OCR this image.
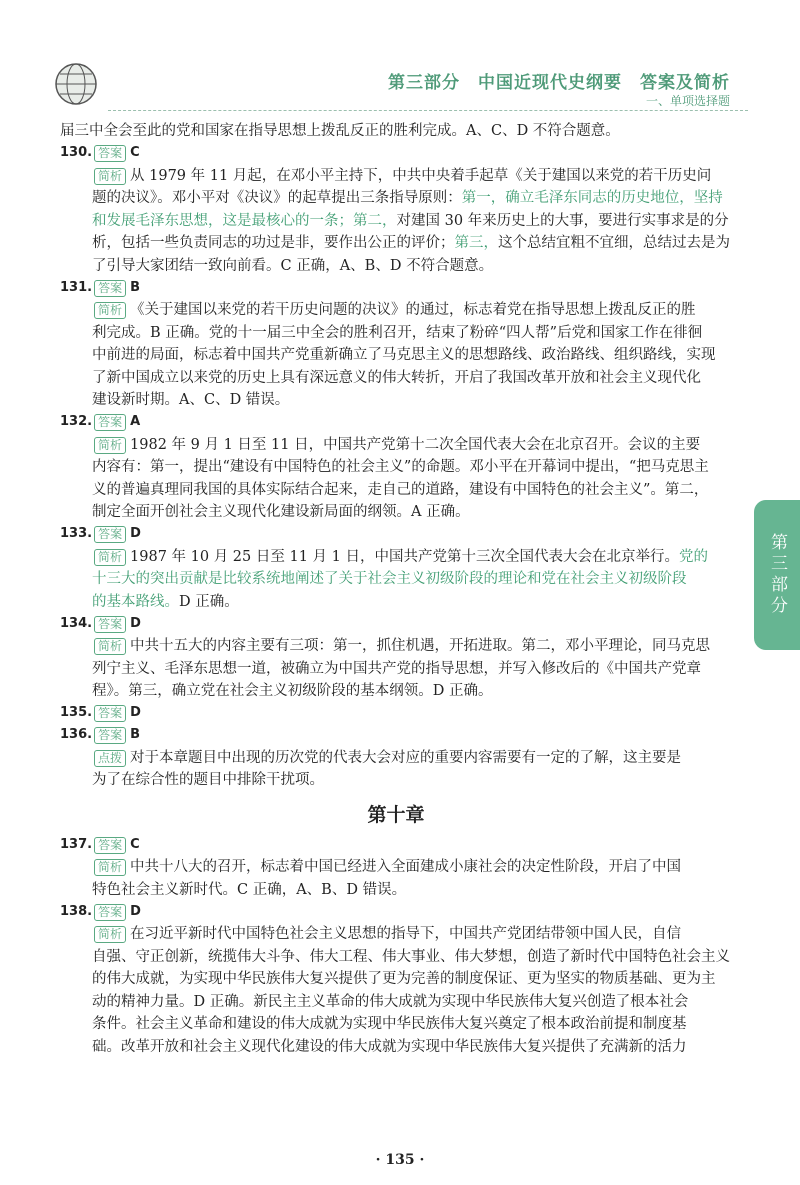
第三部分　中国近现代史纲要　答案及简析
一、单项选择题
第三部分

届三中全会至此的党和国家在指导思想上拨乱反正的胜利完成。A、C、D 不符合题意。

130. 答案 C

简析 从 1979 年 11 月起，在邓小平主持下，中共中央着手起草《关于建国以来党的若干历史问

题的决议》。邓小平对《决议》的起草提出三条指导原则：第一，确立毛泽东同志的历史地位，坚持

和发展毛泽东思想，这是最核心的一条；第二，对建国 30 年来历史上的大事，要进行实事求是的分

析，包括一些负责同志的功过是非，要作出公正的评价；第三，这个总结宜粗不宜细，总结过去是为

了引导大家团结一致向前看。C 正确，A、B、D 不符合题意。

131. 答案 B

简析 《关于建国以来党的若干历史问题的决议》的通过，标志着党在指导思想上拨乱反正的胜

利完成。B 正确。党的十一届三中全会的胜利召开，结束了粉碎“四人帮”后党和国家工作在徘徊

中前进的局面，标志着中国共产党重新确立了马克思主义的思想路线、政治路线、组织路线，实现

了新中国成立以来党的历史上具有深远意义的伟大转折，开启了我国改革开放和社会主义现代化

建设新时期。A、C、D 错误。

132. 答案 A

简析 1982 年 9 月 1 日至 11 日，中国共产党第十二次全国代表大会在北京召开。会议的主要

内容有：第一，提出“建设有中国特色的社会主义”的命题。邓小平在开幕词中提出，“把马克思主

义的普遍真理同我国的具体实际结合起来，走自己的道路，建设有中国特色的社会主义”。第二，

制定全面开创社会主义现代化建设新局面的纲领。A 正确。

133. 答案 D

简析 1987 年 10 月 25 日至 11 月 1 日，中国共产党第十三次全国代表大会在北京举行。党的

十三大的突出贡献是比较系统地阐述了关于社会主义初级阶段的理论和党在社会主义初级阶段

的基本路线。D 正确。

134. 答案 D

简析 中共十五大的内容主要有三项：第一，抓住机遇，开拓进取。第二，邓小平理论，同马克思

列宁主义、毛泽东思想一道，被确立为中国共产党的指导思想，并写入修改后的《中国共产党章

程》。第三，确立党在社会主义初级阶段的基本纲领。D 正确。

135. 答案 D
136. 答案 B

点拨 对于本章题目中出现的历次党的代表大会对应的重要内容需要有一定的了解，这主要是

为了在综合性的题目中排除干扰项。

第十章
137. 答案 C

简析 中共十八大的召开，标志着中国已经进入全面建成小康社会的决定性阶段，开启了中国

特色社会主义新时代。C 正确，A、B、D 错误。

138. 答案 D

简析 在习近平新时代中国特色社会主义思想的指导下，中国共产党团结带领中国人民，自信

自强、守正创新，统揽伟大斗争、伟大工程、伟大事业、伟大梦想，创造了新时代中国特色社会主义

的伟大成就，为实现中华民族伟大复兴提供了更为完善的制度保证、更为坚实的物质基础、更为主

动的精神力量。D 正确。新民主主义革命的伟大成就为实现中华民族伟大复兴创造了根本社会

条件。社会主义革命和建设的伟大成就为实现中华民族伟大复兴奠定了根本政治前提和制度基

础。改革开放和社会主义现代化建设的伟大成就为实现中华民族伟大复兴提供了充满新的活力

· 135 ·
